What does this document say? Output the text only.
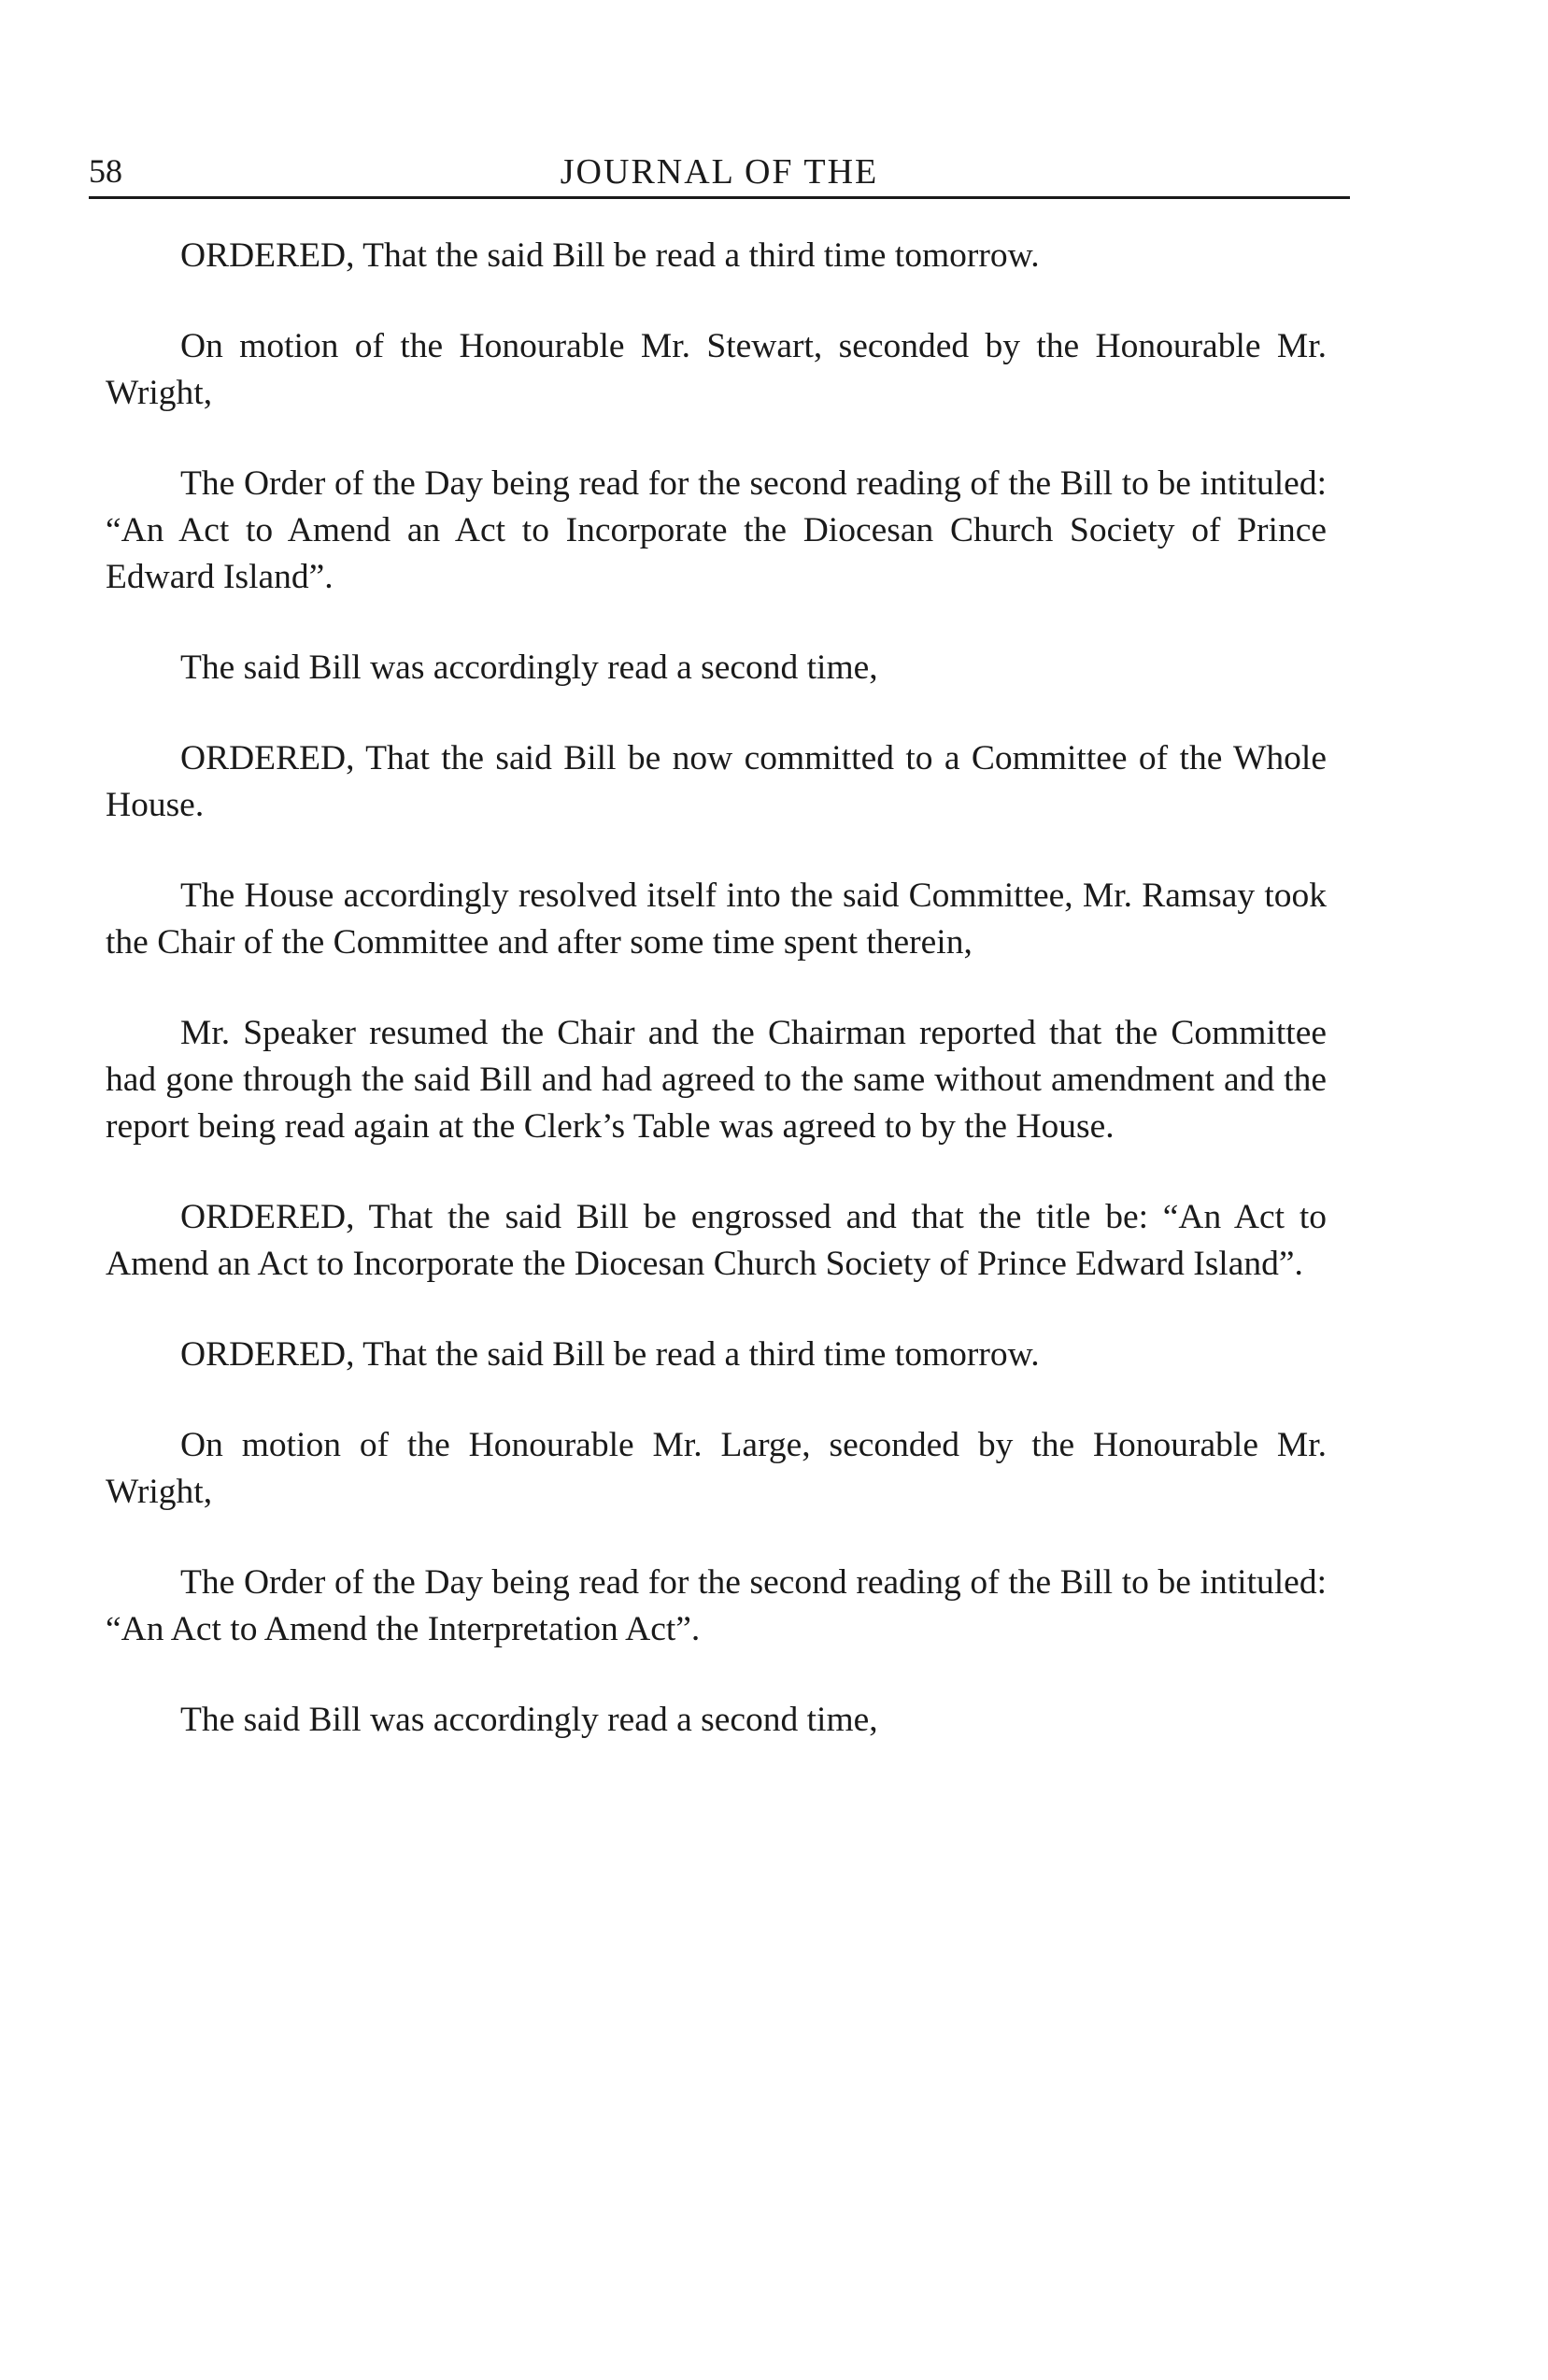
58	JOURNAL OF THE

ORDERED, That the said Bill be read a third time tomorrow.

On motion of the Honourable Mr. Stewart, seconded by the Honourable Mr. Wright,

The Order of the Day being read for the second reading of the Bill to be intituled: “An Act to Amend an Act to Incorporate the Diocesan Church Society of Prince Edward Island”.

The said Bill was accordingly read a second time,

ORDERED, That the said Bill be now committed to a Committee of the Whole House.

The House accordingly resolved itself into the said Committee, Mr. Ramsay took the Chair of the Committee and after some time spent therein,

Mr. Speaker resumed the Chair and the Chairman reported that the Committee had gone through the said Bill and had agreed to the same without amendment and the report being read again at the Clerk’s Table was agreed to by the House.

ORDERED, That the said Bill be engrossed and that the title be: “An Act to Amend an Act to Incorporate the Diocesan Church Society of Prince Edward Island”.

ORDERED, That the said Bill be read a third time tomorrow.

On motion of the Honourable Mr. Large, seconded by the Honourable Mr. Wright,

The Order of the Day being read for the second reading of the Bill to be intituled: “An Act to Amend the Interpretation Act”.

The said Bill was accordingly read a second time,
